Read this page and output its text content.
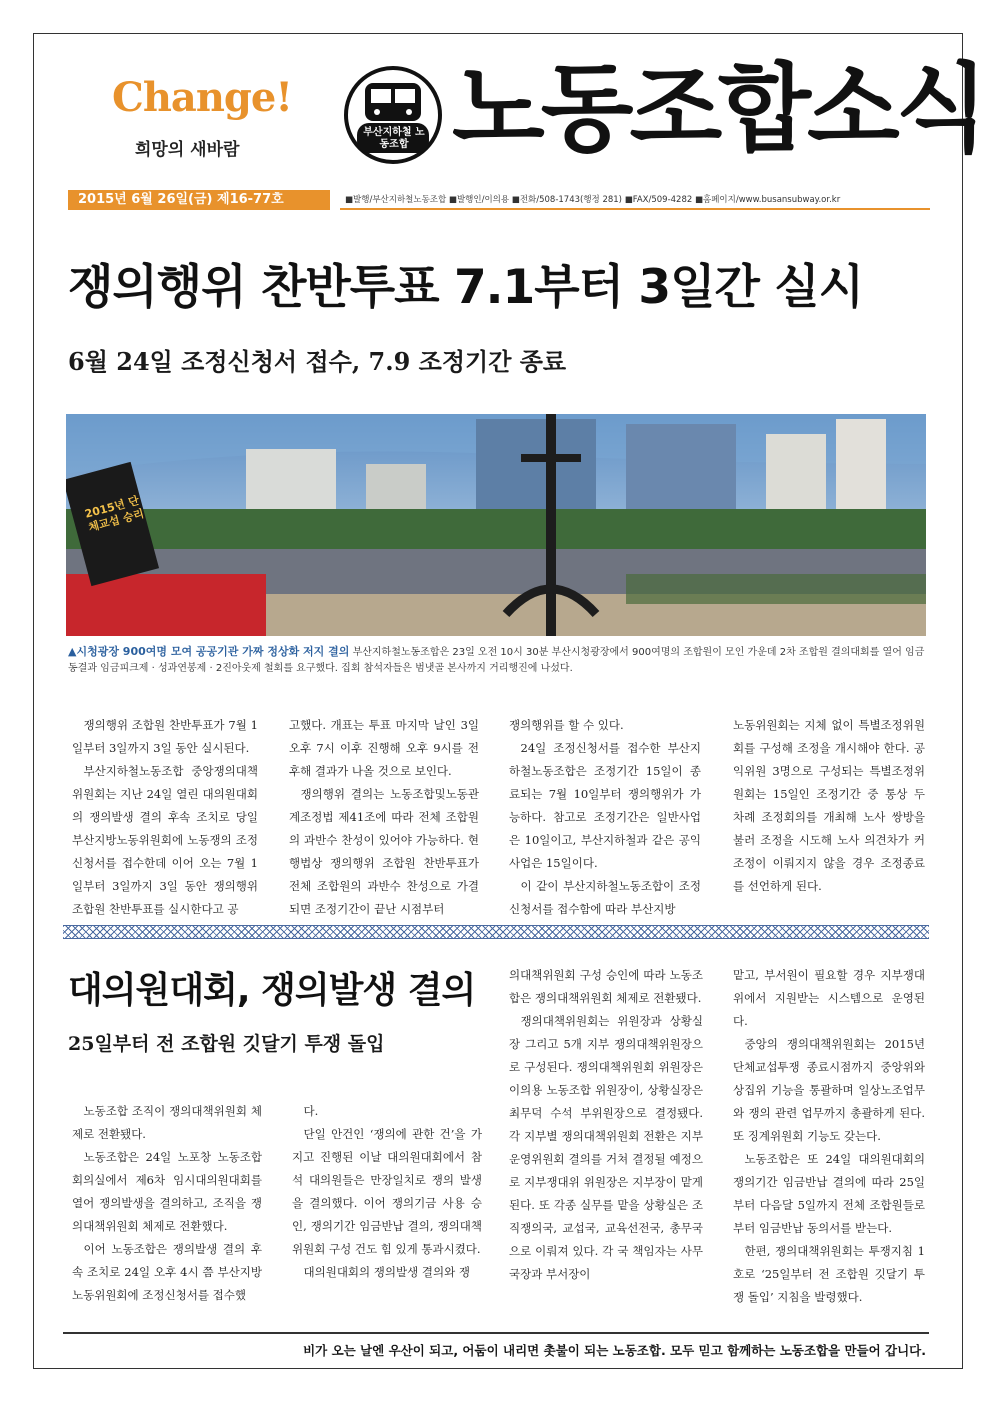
Change!
희망의 새바람
부산지하철 노동조합 노동조합소식
2015년 6월 26일(금) 제16-77호	■발행/부산지하철노동조합 ■발행인/이의용 ■전화/508-1743(행정 281) ■FAX/509-4282 ■홈페이지/www.busansubway.or.kr
쟁의행위 찬반투표 7.1부터 3일간 실시
6월 24일 조정신청서 접수, 7.9 조정기간 종료
2015년 단체교섭 승리
▲시청광장 900여명 모여 공공기관 가짜 정상화 저지 결의 부산지하철노동조합은 23일 오전 10시 30분 부산시청광장에서 900여명의 조합원이 모인 가운데 2차 조합원 결의대회를 열어 임금동결과 임금피크제 · 성과연봉제 · 2진아웃제 철회를 요구했다. 집회 참석자들은 범냇골 본사까지 거리행진에 나섰다.

쟁의행위 조합원 찬반투표가 7월 1일부터 3일까지 3일 동안 실시된다.

부산지하철노동조합 중앙쟁의대책위원회는 지난 24일 열린 대의원대회의 쟁의발생 결의 후속 조치로 당일 부산지방노동위원회에 노동쟁의 조정신청서를 접수한데 이어 오는 7월 1일부터 3일까지 3일 동안 쟁의행위 조합원 찬반투표를 실시한다고 공

고했다. 개표는 투표 마지막 날인 3일 오후 7시 이후 진행해 오후 9시를 전후해 결과가 나올 것으로 보인다.

쟁의행위 결의는 노동조합및노동관계조정법 제41조에 따라 전체 조합원의 과반수 찬성이 있어야 가능하다. 현행법상 쟁의행위 조합원 찬반투표가 전체 조합원의 과반수 찬성으로 가결되면 조정기간이 끝난 시점부터

쟁의행위를 할 수 있다.

24일 조정신청서를 접수한 부산지하철노동조합은 조정기간 15일이 종료되는 7월 10일부터 쟁의행위가 가능하다. 참고로 조정기간은 일반사업은 10일이고, 부산지하철과 같은 공익사업은 15일이다.

이 같이 부산지하철노동조합이 조정신청서를 접수함에 따라 부산지방

노동위원회는 지체 없이 특별조정위원회를 구성해 조정을 개시해야 한다. 공익위원 3명으로 구성되는 특별조정위원회는 15일인 조정기간 중 통상 두 차례 조정회의를 개최해 노사 쌍방을 불러 조정을 시도해 노사 의견차가 커 조정이 이뤄지지 않을 경우 조정종료를 선언하게 된다.

대의원대회, 쟁의발생 결의
25일부터 전 조합원 깃달기 투쟁 돌입

노동조합 조직이 쟁의대책위원회 체제로 전환됐다.

노동조합은 24일 노포창 노동조합 회의실에서 제6차 임시대의원대회를 열어 쟁의발생을 결의하고, 조직을 쟁의대책위원회 체제로 전환했다.

이어 노동조합은 쟁의발생 결의 후속 조치로 24일 오후 4시 쯤 부산지방노동위원회에 조정신청서를 접수했

다.

단일 안건인 ‘쟁의에 관한 건’을 가지고 진행된 이날 대의원대회에서 참석 대의원들은 만장일치로 쟁의 발생을 결의했다. 이어 쟁의기금 사용 승인, 쟁의기간 임금반납 결의, 쟁의대책위원회 구성 건도 힘 있게 통과시켰다.

대의원대회의 쟁의발생 결의와 쟁

의대책위원회 구성 승인에 따라 노동조합은 쟁의대책위원회 체제로 전환됐다.

쟁의대책위원회는 위원장과 상황실장 그리고 5개 지부 쟁의대책위원장으로 구성된다. 쟁의대책위원회 위원장은 이의용 노동조합 위원장이, 상황실장은 최무덕 수석 부위원장으로 결정됐다. 각 지부별 쟁의대책위원회 전환은 지부운영위원회 결의를 거쳐 결정될 예정으로 지부쟁대위 위원장은 지부장이 맡게 된다. 또 각종 실무를 맡을 상황실은 조직쟁의국, 교섭국, 교육선전국, 총무국으로 이뤄져 있다. 각 국 책임자는 사무국장과 부서장이

맡고, 부서원이 필요할 경우 지부쟁대위에서 지원받는 시스템으로 운영된다.

중앙의 쟁의대책위원회는 2015년 단체교섭투쟁 종료시점까지 중앙위와 상집위 기능을 통괄하며 일상노조업무와 쟁의 관련 업무까지 총괄하게 된다. 또 징계위원회 기능도 갖는다.

노동조합은 또 24일 대의원대회의 쟁의기간 임금반납 결의에 따라 25일부터 다음달 5일까지 전체 조합원들로부터 임금반납 동의서를 받는다.

한편, 쟁의대책위원회는 투쟁지침 1호로 ‘25일부터 전 조합원 깃달기 투쟁 돌입’ 지침을 발령했다.

비가 오는 날엔 우산이 되고, 어둠이 내리면 촛불이 되는 노동조합. 모두 믿고 함께하는 노동조합을 만들어 갑니다.
